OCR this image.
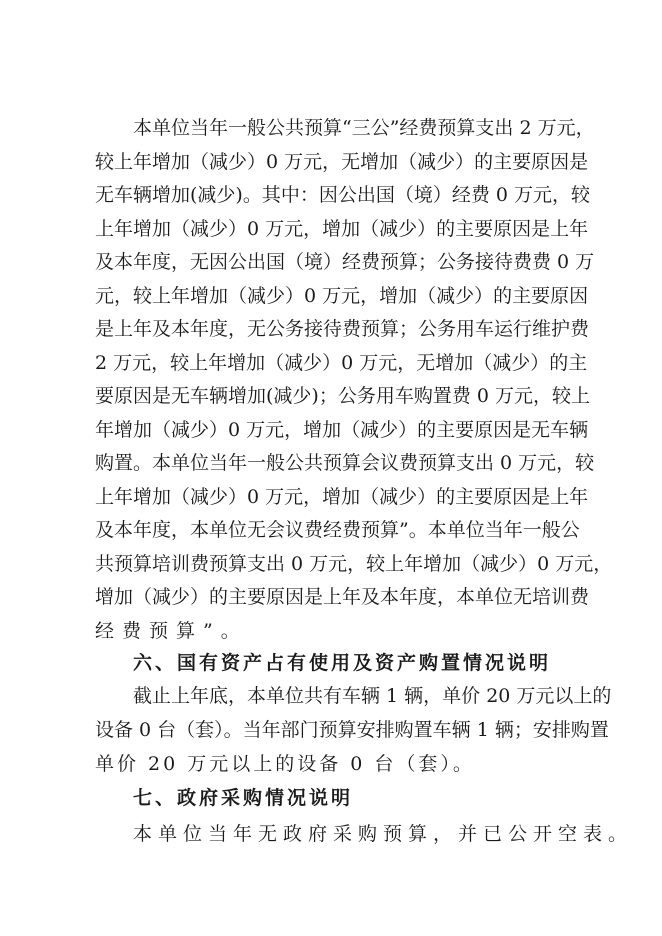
本单位当年一般公共预算“三公”经费预算支出 2 万元，
较上年增加（减少）0 万元，无增加（减少）的主要原因是
无车辆增加(减少)。其中：因公出国（境）经费 0 万元，较
上年增加（减少）0 万元，增加（减少）的主要原因是上年
及本年度，无因公出国（境）经费预算；公务接待费费 0 万
元，较上年增加（减少）0 万元，增加（减少）的主要原因
是上年及本年度，无公务接待费预算；公务用车运行维护费
2 万元，较上年增加（减少）0 万元，无增加（减少）的主
要原因是无车辆增加(减少)；公务用车购置费 0 万元，较上
年增加（减少）0 万元，增加（减少）的主要原因是无车辆
购置。本单位当年一般公共预算会议费预算支出 0 万元，较
上年增加（减少）0 万元，增加（减少）的主要原因是上年
及本年度，本单位无会议费经费预算”。本单位当年一般公
共预算培训费预算支出 0 万元，较上年增加（减少）0 万元，
增加（减少）的主要原因是上年及本年度，本单位无培训费
经费预算”。
六、国有资产占有使用及资产购置情况说明
截止上年底，本单位共有车辆 1 辆，单价 20 万元以上的
设备 0 台（套）。当年部门预算安排购置车辆 1 辆；安排购置
单价 20 万元以上的设备 0 台（套）。
七、政府采购情况说明
本单位当年无政府采购预算，并已公开空表。
